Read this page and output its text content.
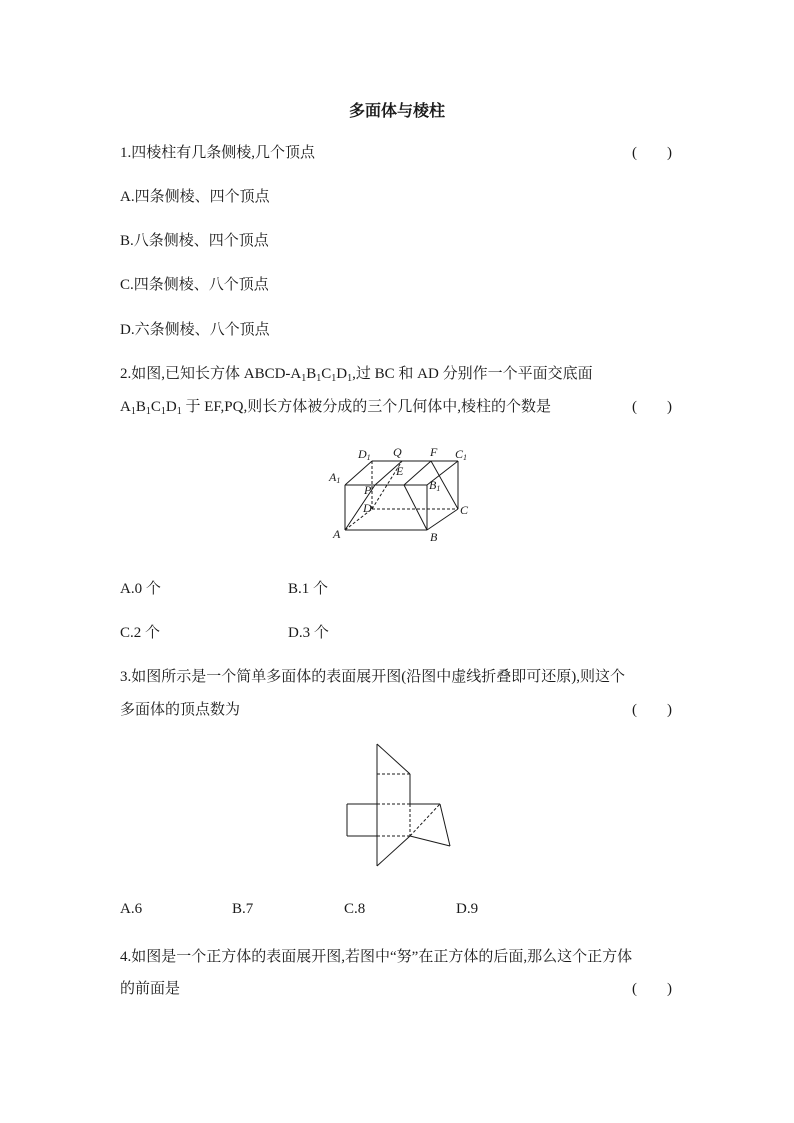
多面体与棱柱
1.四棱柱有几条侧棱,几个顶点	(　　)
A.四条侧棱、四个顶点
B.八条侧棱、四个顶点
C.四条侧棱、八个顶点
D.六条侧棱、八个顶点
2.如图,已知长方体 ABCD-$A_1B_1C_1D_1$,过 BC 和 AD 分别作一个平面交底面
$A_1B_1C_1D_1$ 于 EF,PQ,则长方体被分成的三个几何体中,棱柱的个数是	(　　)
D1 Q F C1
A1
E
P	B1
D	C
A	B
A.0 个	B.1 个
C.2 个	D.3 个
3.如图所示是一个简单多面体的表面展开图(沿图中虚线折叠即可还原),则这个
多面体的顶点数为	(　　)
A.6	B.7	C.8	D.9
4.如图是一个正方体的表面展开图,若图中“努”在正方体的后面,那么这个正方体
的前面是	(　　)
